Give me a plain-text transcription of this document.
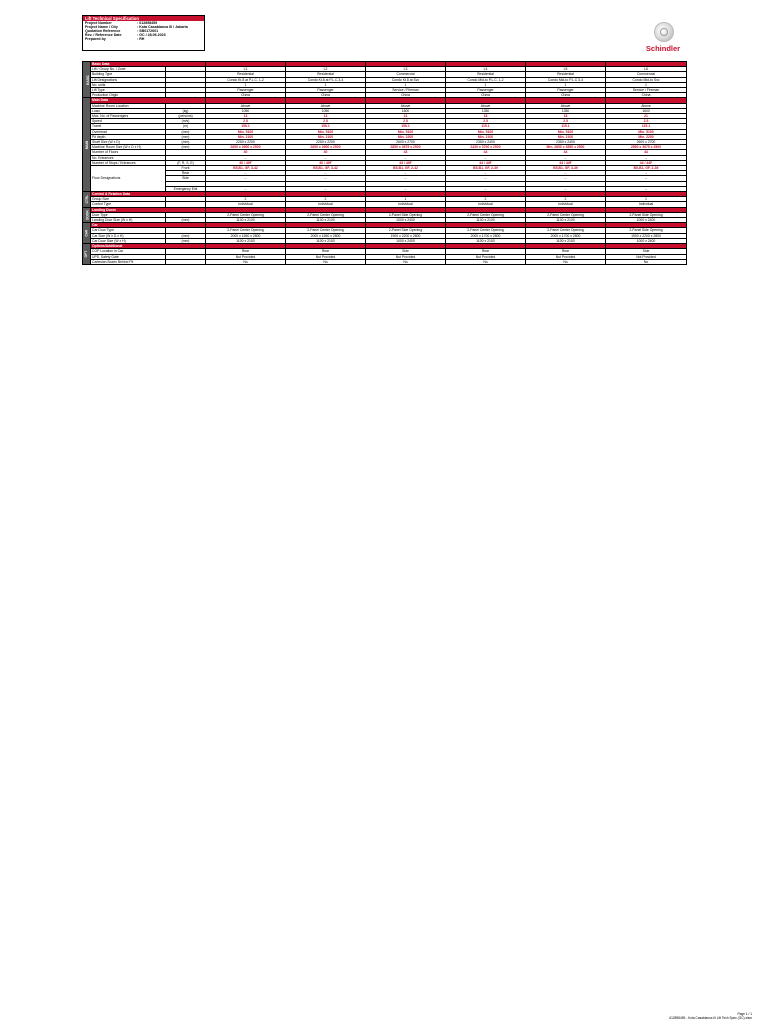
Lift Technical Specification
Project Number	: 612898459
Project Name / City	: Kota Casablanca III / Jakarta
Quotation Reference	: SB0172601
Rev. / Reference Date	: GC / 28.06.2023
Prepared by	: RH
Schindler
BASIC	Basic Data							
	Lift / Group No. / Zone		L1	L2	L3	L4	L5	L6
	Building Type		Residential	Residential	Commercial	Residential	Residential	Commercial
	Lift Designations		Condo Kt.8 at P.L.C. 1-2	Condo Kt.8 at P.L.C.3-4	Condo Kt.8 at Svc	Condo Mid-to P.L.C. 1-2	Condo Mid-to P.L.C.3-4	Condo Mid-to Svc
	No. units		1	1	1	1	1	1
	Lift Type		Passenger	Passenger	Service / Fireman	Passenger	Passenger	Service / Fireman
	Production Origin		China	China	China	China	China	China
MAIN	Main Data							
	Machine Room Location		Above	Above	Above	Above	Above	Above
	Load	(kg)	1050	1050	1600	1350	1350	1600
	Max. No. of Passengers	(persons)	13	13	21	18	18	21
	Speed	(m/s)	2.5	2.5	2.5	2.5	2.5	2.5
	Travel	(m)	106.1	106.1	106.1	115.1	115.1	115.1
	Overhead	(mm)	Min. 5100	Min. 5100	Min. 5100	Min. 5100	Min. 5100	Min. 5100
	Pit depth	(mm)	Min. 2100	Min. 2100	Min. 2200	Min. 2100	Min. 2100	Min. 2200
	Shaft Size (W x D)	(mm)	2250 x 2200	2250 x 2200	2600 x 2700	2350 x 2400	2350 x 2400	2600 x 2700
	Machine Room Size (W x D x H)	(mm)	2650 x 3900 x 2500	2650 x 3900 x 2500	2850 x 3675 x 2500	2430 x 3700 x 2500	Min. 2650 x 3550 x 2500	2850 x 3675 x 2500
	Number of Floors		40	40	43	44	44	44
	No. Entrances		--	--	--	--	--	--
	Number of Stops / Entrances	(F, R, S, E)	40 / 40F	40 / 40F	43 / 43F	44 / 44F	44 / 44F	44 / 44F
	Floor Designations	Front	B5,B1, GF, 3-42	B5,B1, GF, 3-42	B5-B1, GF, 2-42	B5-B1, GF, 2-39	B5,B1, GF, 3-39	B5-B1, GF, 2-39
		Rear	--	--	--	--	--	--
		Side	--	--	--	--	--	--

		Emergency Exit	--	--	--	--	--	--
CTRL	Control & Relation Data							
	Group Size		2	2	1	2	2	1
	Control Type		Individual	Individual	Individual	Individual	Individual	Individual
DOOR	Landing Doors							
	Door Type		2-Panel Center Opening	2-Panel Center Opening	2-Panel Side Opening	2-Panel Center Opening	2-Panel Center Opening	2-Panel Side Opening
	Landing Door Size (W x H)	(mm)	1100 x 2100	1100 x 2100	1000 x 2400	1100 x 2100	1100 x 2100	1000 x 2400
CAR	Car							
	Car Door Type		2-Panel Center Opening	2-Panel Center Opening	2-Panel Side Opening	2-Panel Center Opening	2-Panel Center Opening	2-Panel Side Opening
	Car Size (W x D x H)	(mm)	2000 x 1550 x 2800	2000 x 1550 x 2800	1900 x 2200 x 2800	2000 x 1700 x 2800	2000 x 1700 x 2800	1900 x 2200 x 2800
	Car Door Size (W x H)	(mm)	1100 x 2100	1100 x 2100	1000 x 2400	1100 x 2100	1100 x 2100	1000 x 2400
OPT	Options/Additional							
	COP Location in Car		Rear	Rear	Side	Rear	Rear	Side
	UPS, Safety Gate		Not Provided	Not Provided	Not Provided	Not Provided	Not Provided	Not Provided
	Cartesian Boxes Behind Pit		No	No	No	No	No	No
Page 1 / 1
612898459 - Kota Casablanca III Lift Tech Spec (GC).xlsm
